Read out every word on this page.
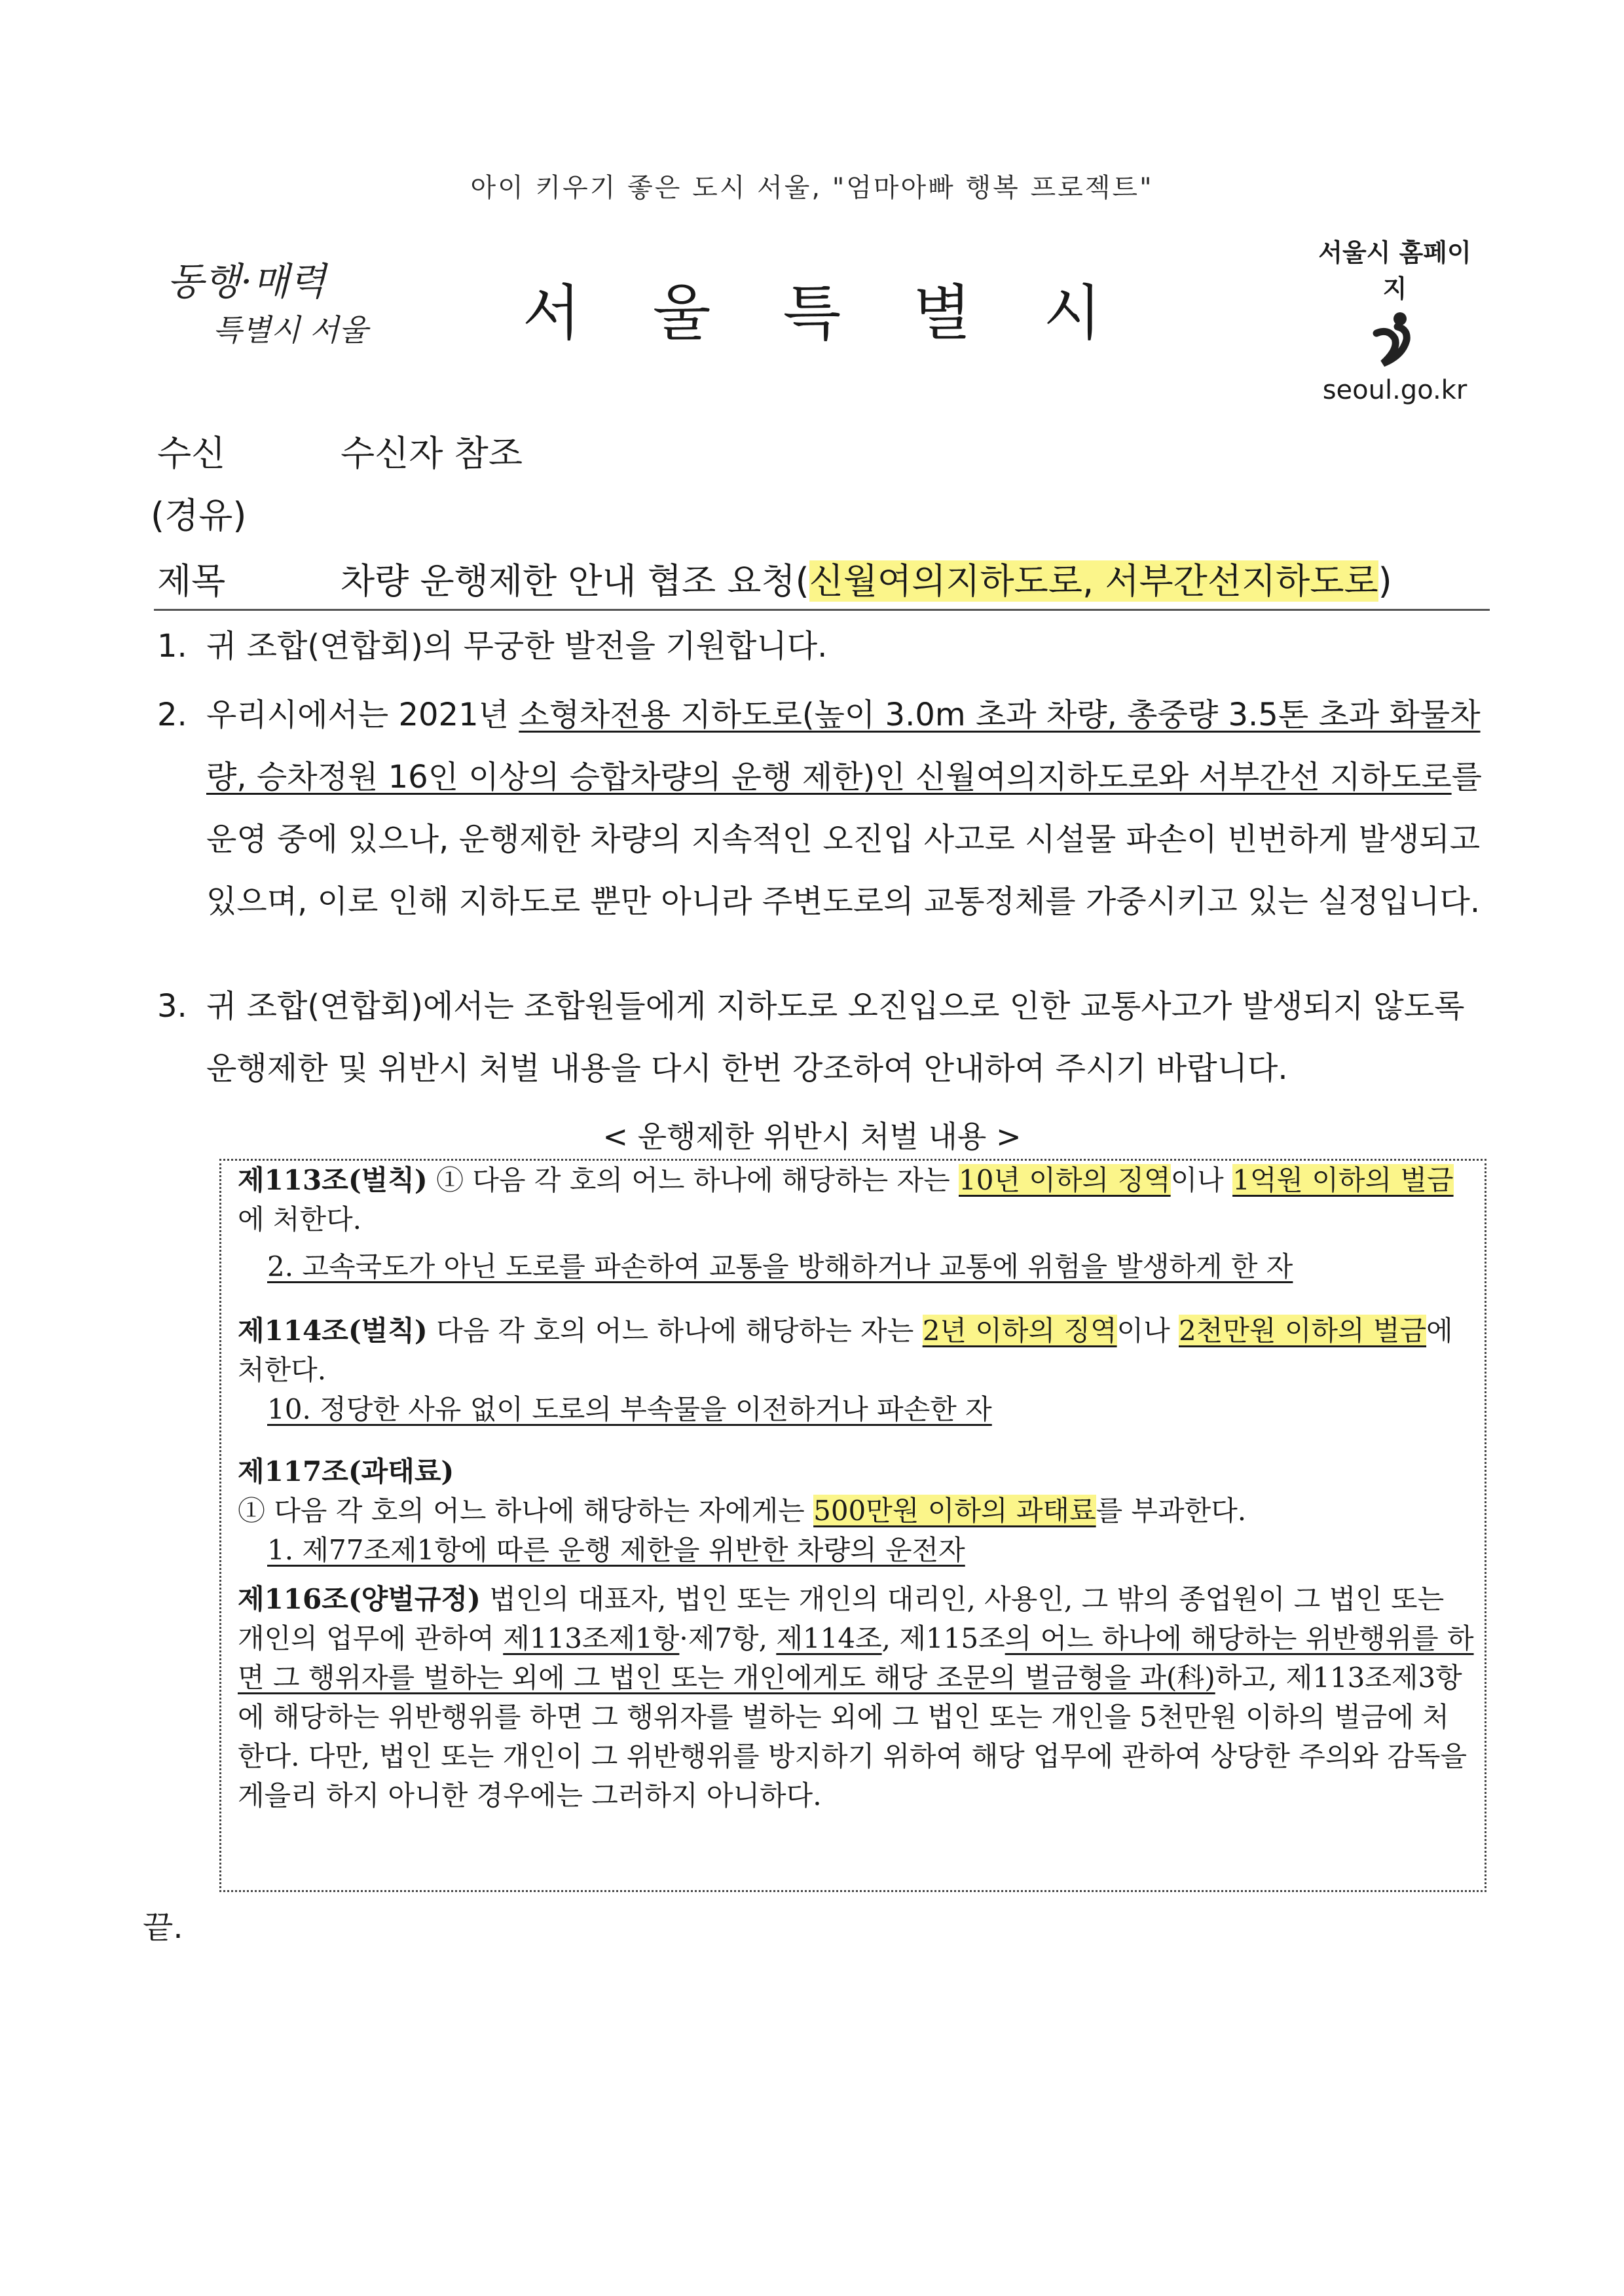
아이 키우기 좋은 도시 서울, "엄마아빠 행복 프로젝트"
동행·매력
특별시 서울	서울특별시
서울시 홈페이지
seoul.go.kr
수신	수신자 참조
(경유)
제목	차량 운행제한 안내 협조 요청(신월여의지하도로, 서부간선지하도로)
1. 귀 조합(연합회)의 무궁한 발전을 기원합니다.
2. 우리시에서는 2021년 소형차전용 지하도로(높이 3.0m 초과 차량, 총중량 3.5톤 초과 화물차량, 승차정원 16인 이상의 승합차량의 운행 제한)인 신월여의지하도로와 서부간선 지하도로를 운영 중에 있으나, 운행제한 차량의 지속적인 오진입 사고로 시설물 파손이 빈번하게 발생되고 있으며, 이로 인해 지하도로 뿐만 아니라 주변도로의 교통정체를 가중시키고 있는 실정입니다.
3. 귀 조합(연합회)에서는 조합원들에게 지하도로 오진입으로 인한 교통사고가 발생되지 않도록 운행제한 및 위반시 처벌 내용을 다시 한번 강조하여 안내하여 주시기 바랍니다.
< 운행제한 위반시 처벌 내용 >
제113조(벌칙) ① 다음 각 호의 어느 하나에 해당하는 자는 10년 이하의 징역이나 1억원 이하의 벌금에 처한다.
2. 고속국도가 아닌 도로를 파손하여 교통을 방해하거나 교통에 위험을 발생하게 한 자
제114조(벌칙) 다음 각 호의 어느 하나에 해당하는 자는 2년 이하의 징역이나 2천만원 이하의 벌금에 처한다.
10. 정당한 사유 없이 도로의 부속물을 이전하거나 파손한 자
제117조(과태료)
① 다음 각 호의 어느 하나에 해당하는 자에게는 500만원 이하의 과태료를 부과한다.
1. 제77조제1항에 따른 운행 제한을 위반한 차량의 운전자
제116조(양벌규정) 법인의 대표자, 법인 또는 개인의 대리인, 사용인, 그 밖의 종업원이 그 법인 또는 개인의 업무에 관하여 제113조제1항·제7항, 제114조, 제115조의 어느 하나에 해당하는 위반행위를 하면 그 행위자를 벌하는 외에 그 법인 또는 개인에게도 해당 조문의 벌금형을 과(科)하고, 제113조제3항에 해당하는 위반행위를 하면 그 행위자를 벌하는 외에 그 법인 또는 개인을 5천만원 이하의 벌금에 처한다. 다만, 법인 또는 개인이 그 위반행위를 방지하기 위하여 해당 업무에 관하여 상당한 주의와 감독을 게을리 하지 아니한 경우에는 그러하지 아니하다.
끝.
